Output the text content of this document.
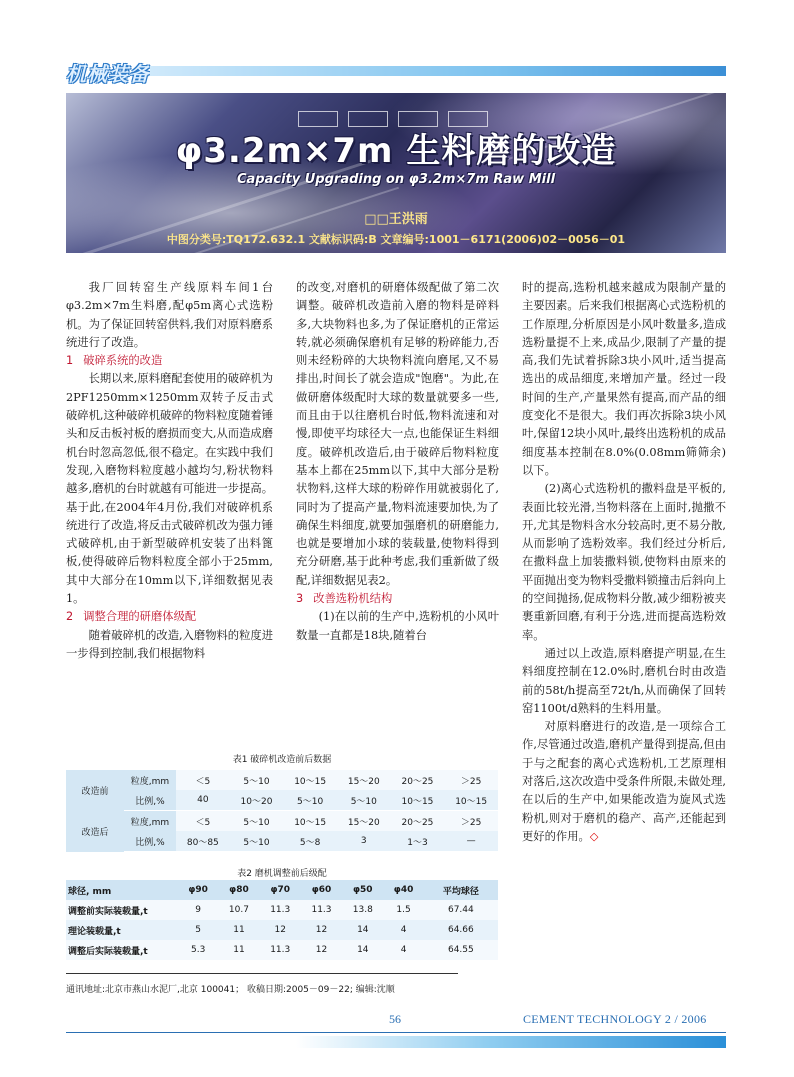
机械装备
φ3.2m×7m 生料磨的改造
Capacity Upgrading on φ3.2m×7m Raw Mill
□□王洪雨
中图分类号:TQ172.632.1 文献标识码:B 文章编号:1001－6171(2006)02－0056－01

我厂回转窑生产线原料车间1台φ3.2m×7m生料磨,配φ5m离心式选粉机。为了保证回转窑供料,我们对原料磨系统进行了改造。

1 破碎系统的改造

长期以来,原料磨配套使用的破碎机为2PF1250mm×1250mm双转子反击式破碎机,这种破碎机破碎的物料粒度随着锤头和反击板衬板的磨损而变大,从而造成磨机台时忽高忽低,很不稳定。在实践中我们发现,入磨物料粒度越小越均匀,粉状物料越多,磨机的台时就越有可能进一步提高。基于此,在2004年4月份,我们对破碎机系统进行了改造,将反击式破碎机改为强力锤式破碎机,由于新型破碎机安装了出料篦板,使得破碎后物料粒度全部小于25mm,其中大部分在10mm以下,详细数据见表1。

2 调整合理的研磨体级配

随着破碎机的改造,入磨物料的粒度进一步得到控制,我们根据物料

的改变,对磨机的研磨体级配做了第二次调整。破碎机改造前入磨的物料是碎料多,大块物料也多,为了保证磨机的正常运转,就必须确保磨机有足够的粉碎能力,否则未经粉碎的大块物料流向磨尾,又不易排出,时间长了就会造成"饱磨"。为此,在做研磨体级配时大球的数量就要多一些,而且由于以往磨机台时低,物料流速和对慢,即使平均球径大一点,也能保证生料细度。破碎机改造后,由于破碎后物料粒度基本上都在25mm以下,其中大部分是粉状物料,这样大球的粉碎作用就被弱化了,同时为了提高产量,物料流速要加快,为了确保生料细度,就要加强磨机的研磨能力,也就是要增加小球的装载量,使物料得到充分研磨,基于此种考虑,我们重新做了级配,详细数据见表2。

3 改善选粉机结构

(1)在以前的生产中,选粉机的小风叶数量一直都是18块,随着台

时的提高,选粉机越来越成为限制产量的主要因素。后来我们根据离心式选粉机的工作原理,分析原因是小风叶数量多,造成选粉量提不上来,成品少,限制了产量的提高,我们先试着拆除3块小风叶,适当提高选出的成品细度,来增加产量。经过一段时间的生产,产量果然有提高,而产品的细度变化不是很大。我们再次拆除3块小风叶,保留12块小风叶,最终出选粉机的成品细度基本控制在8.0%(0.08mm筛筛余)以下。

(2)离心式选粉机的撒料盘是平板的,表面比较光滑,当物料落在上面时,抛撒不开,尤其是物料含水分较高时,更不易分散,从而影响了选粉效率。我们经过分析后,在撒料盘上加装撒料锁,使物料由原来的平面抛出变为物料受撒料锁撞击后斜向上的空间抛扬,促成物料分散,减少细粉被夹裹重新回磨,有利于分选,进而提高选粉效率。

通过以上改造,原料磨提产明显,在生料细度控制在12.0%时,磨机台时由改造前的58t/h提高至72t/h,从而确保了回转窑1100t/d熟料的生料用量。

对原料磨进行的改造,是一项综合工作,尽管通过改造,磨机产量得到提高,但由于与之配套的离心式选粉机,工艺原理相对落后,这次改造中受条件所限,未做处理,在以后的生产中,如果能改造为旋风式选粉机,则对于磨机的稳产、高产,还能起到更好的作用。◇

表1 破碎机改造前后数据
改造前	粒度,mm	＜5	5～10	10～15	15～20	20～25	＞25
	比例,%	40	10～20	5～10	5～10	10～15	10～15
改造后	粒度,mm	＜5	5～10	10～15	15～20	20～25	＞25
	比例,%	80～85	5～10	5～8	3	1～3	—
表2 磨机调整前后级配
球径, mm	φ90	φ80	φ70	φ60	φ50	φ40	平均球径
调整前实际装载量,t	9	10.7	11.3	11.3	13.8	1.5	67.44
理论装载量,t	5	11	12	12	14	4	64.66
调整后实际装载量,t	5.3	11	11.3	12	14	4	64.55
通讯地址:北京市燕山水泥厂,北京 100041； 收稿日期:2005－09－22; 编辑:沈顺
56	CEMENT TECHNOLOGY 2 / 2006
